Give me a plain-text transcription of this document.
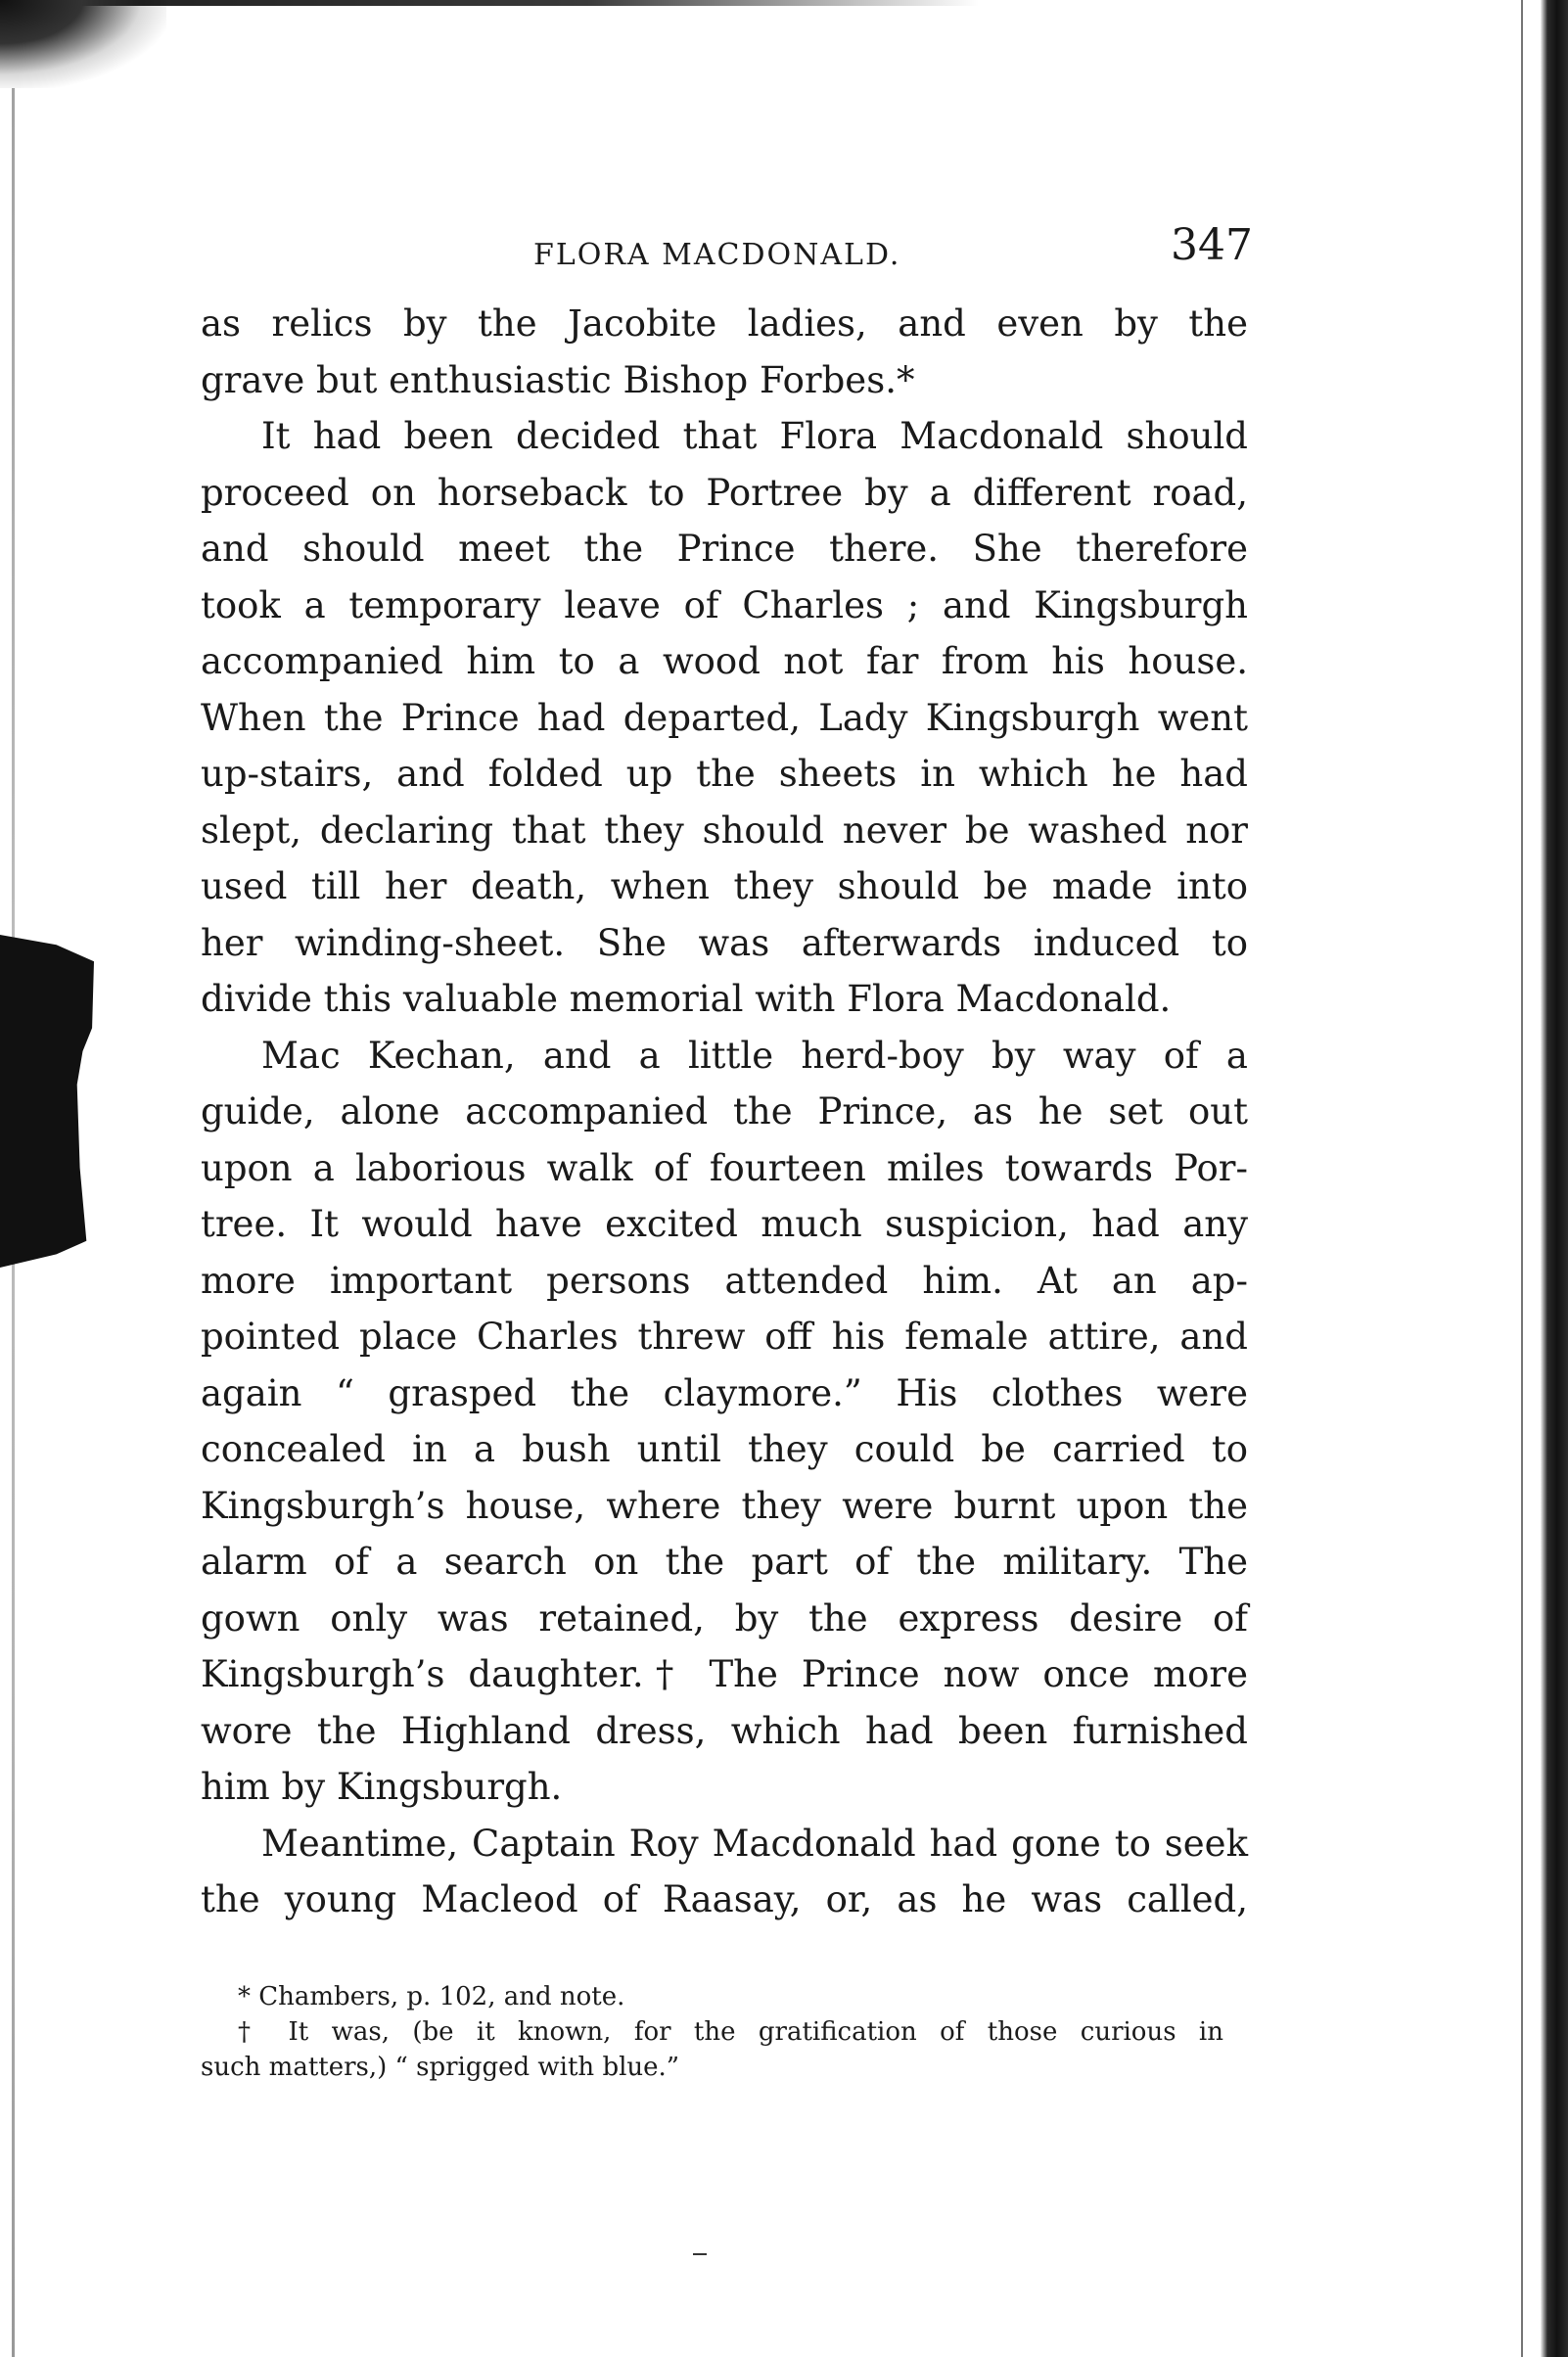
FLORA MACDONALD.	347
as relics by the Jacobite ladies, and even by the
grave but enthusiastic Bishop Forbes.*
It had been decided that Flora Macdonald should
proceed on horseback to Portree by a different road,
and should meet the Prince there. She therefore
took a temporary leave of Charles ; and Kingsburgh
accompanied him to a wood not far from his house.
When the Prince had departed, Lady Kingsburgh went
up-stairs, and folded up the sheets in which he had
slept, declaring that they should never be washed nor
used till her death, when they should be made into
her winding-sheet. She was afterwards induced to
divide this valuable memorial with Flora Macdonald.
Mac Kechan, and a little herd-boy by way of a
guide, alone accompanied the Prince, as he set out
upon a laborious walk of fourteen miles towards Por-
tree. It would have excited much suspicion, had any
more important persons attended him. At an ap-
pointed place Charles threw off his female attire, and
again “ grasped the claymore.” His clothes were
concealed in a bush until they could be carried to
Kingsburgh’s house, where they were burnt upon the
alarm of a search on the part of the military. The
gown only was retained, by the express desire of
Kingsburgh’s daughter.† The Prince now once more
wore the Highland dress, which had been furnished
him by Kingsburgh.
Meantime, Captain Roy Macdonald had gone to seek
the young Macleod of Raasay, or, as he was called,
* Chambers, p. 102, and note.
† It was, (be it known, for the gratification of those curious in
such matters,) “ sprigged with blue.”
